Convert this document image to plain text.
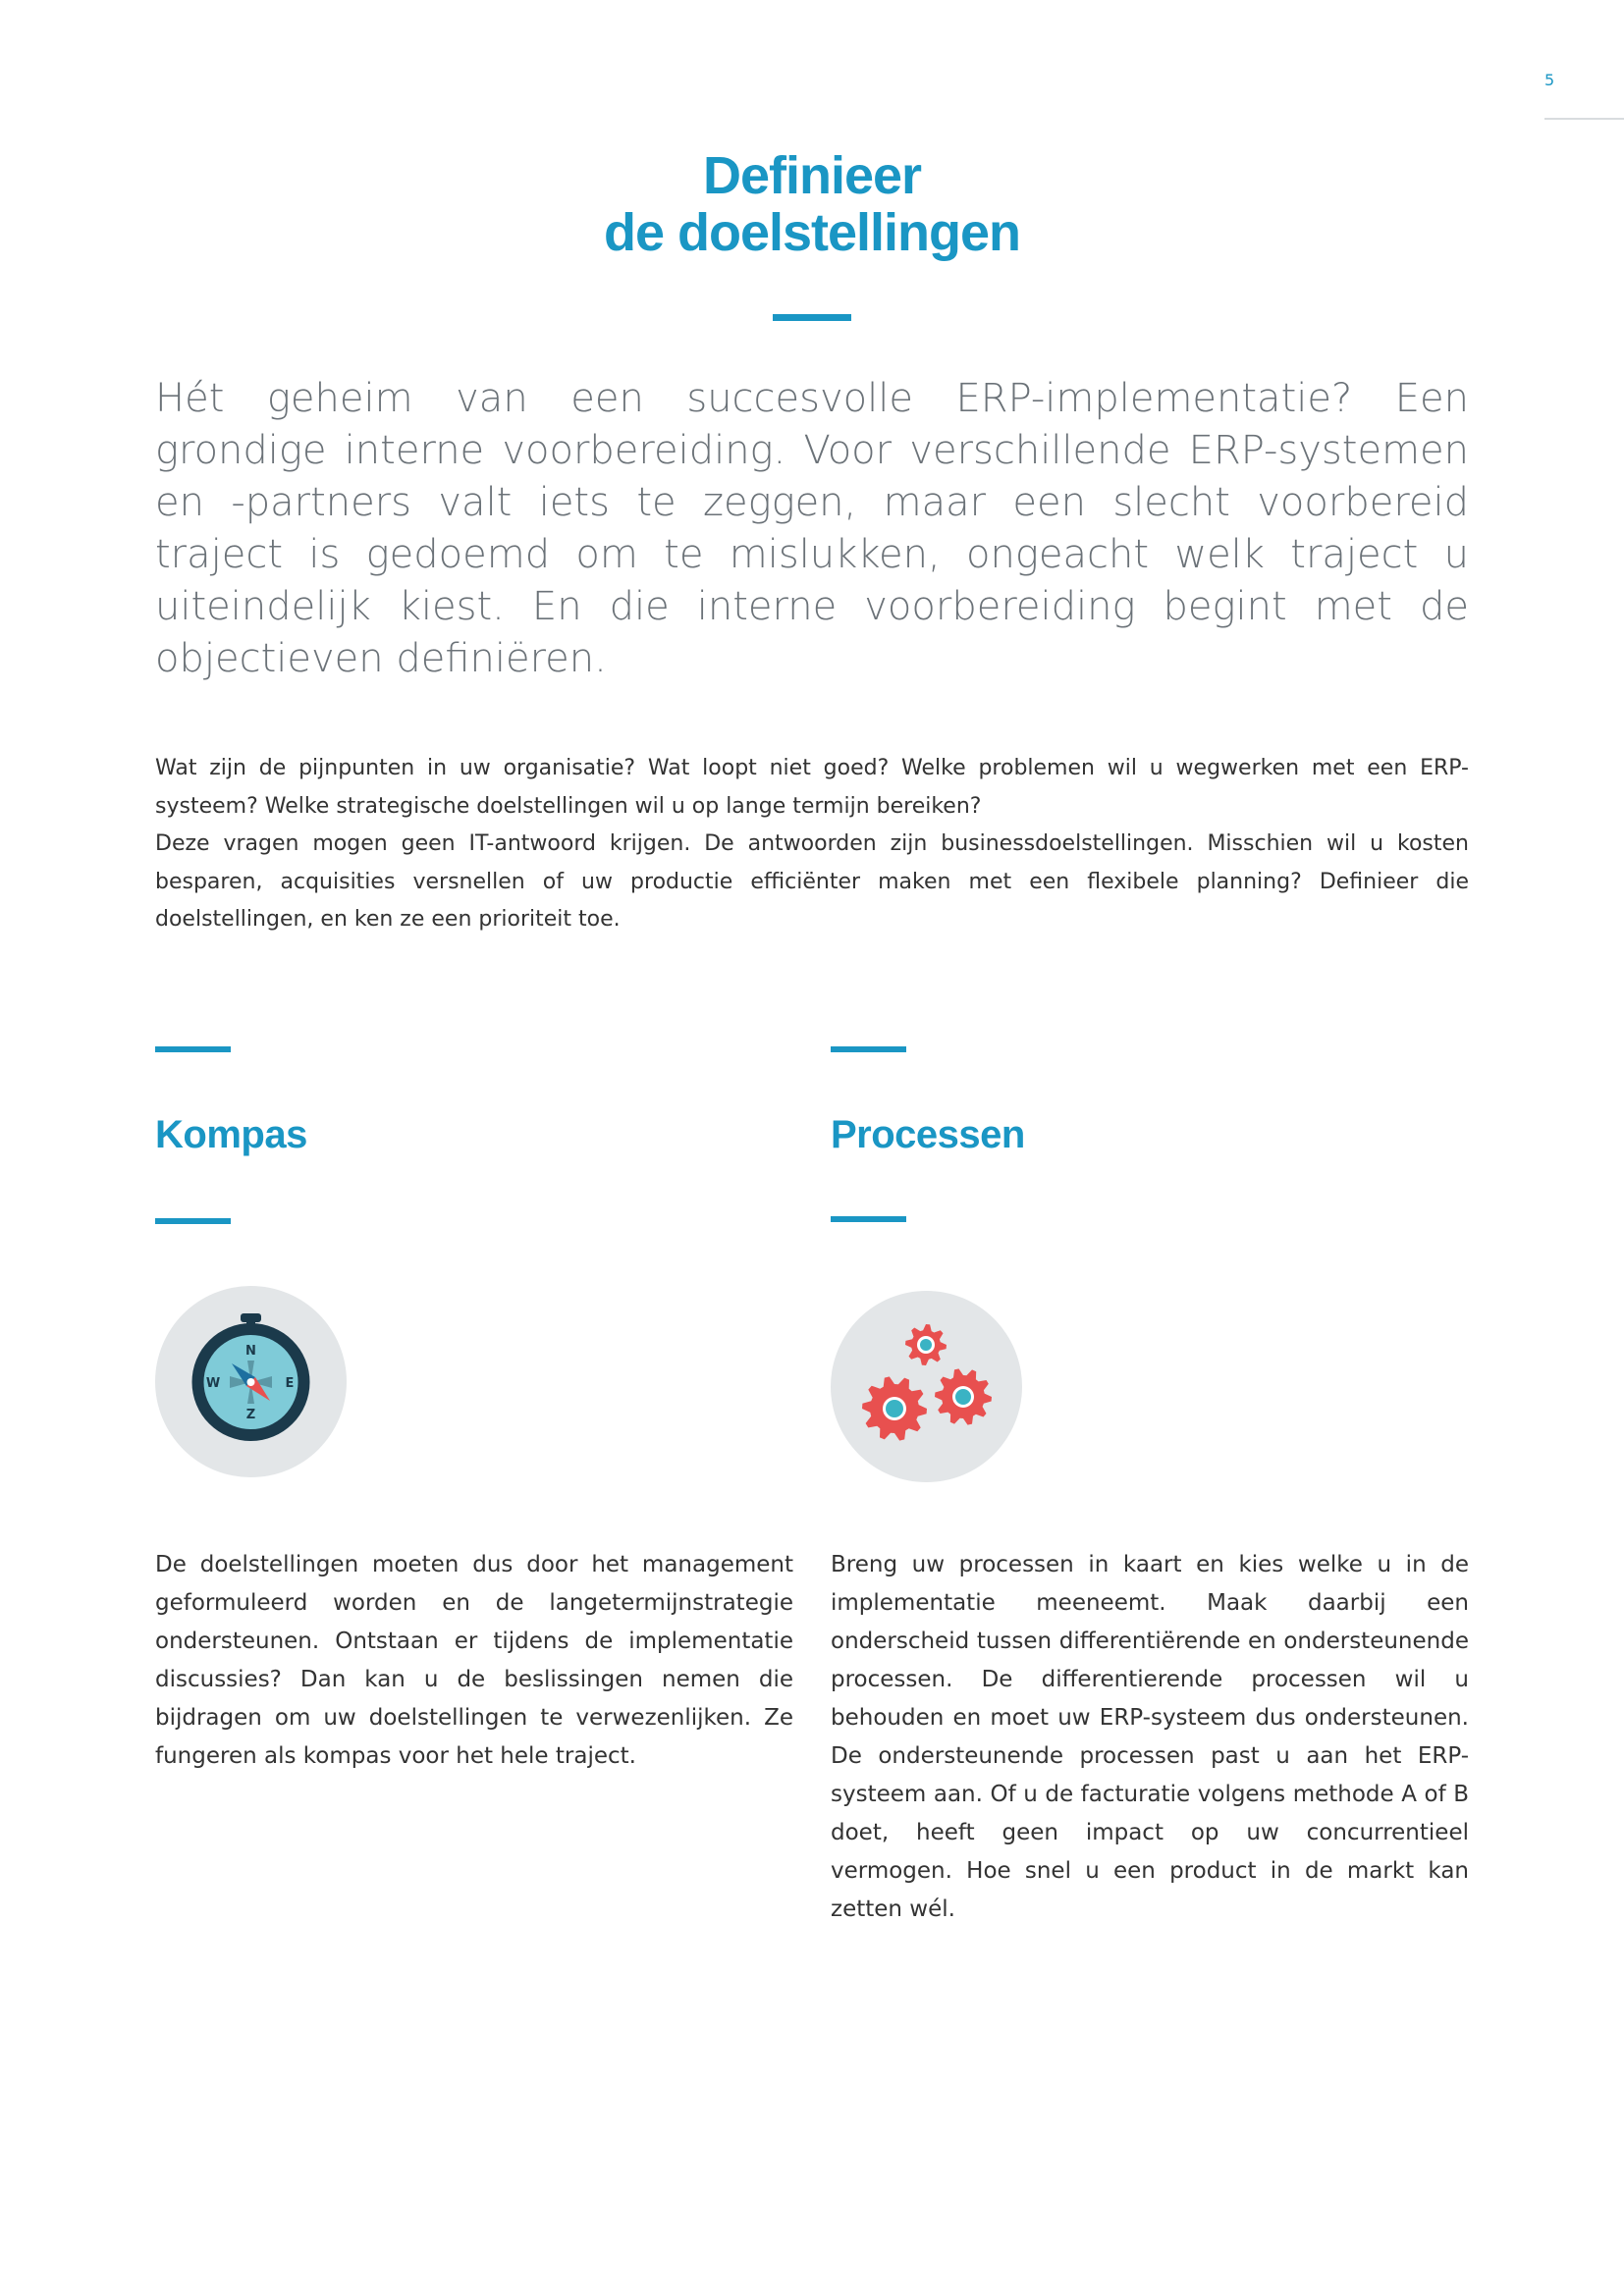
5
Definieer
de doelstellingen

Hét geheim van een succesvolle ERP-implementatie? Een grondige interne voorbereiding. Voor verschillende ERP-systemen en -partners valt iets te zeggen, maar een slecht voorbereid traject is gedoemd om te mislukken, ongeacht welk traject u uiteindelijk kiest. En die interne voorbereiding begint met de objectieven definiëren.

Wat zijn de pijnpunten in uw organisatie? Wat loopt niet goed? Welke problemen wil u wegwerken met een ERP-systeem? Welke strategische doelstellingen wil u op lange termijn bereiken?

Deze vragen mogen geen IT-antwoord krijgen. De antwoorden zijn businessdoelstellingen. Misschien wil u kosten besparen, acquisities versnellen of uw productie efficiënter maken met een flexibele planning? Definieer die doelstellingen, en ken ze een prioriteit toe.

Kompas
N
E
W
Z

De doelstellingen moeten dus door het management geformuleerd worden en de langetermijnstrategie ondersteunen. Ontstaan er tijdens de implementatie discussies? Dan kan u de beslissingen nemen die bijdragen om uw doelstellingen te verwezenlijken. Ze fungeren als kompas voor het hele traject.

Processen

Breng uw processen in kaart en kies welke u in de implementatie meeneemt. Maak daarbij een onderscheid tussen differentiërende en ondersteunende processen. De differentierende processen wil u behouden en moet uw ERP-systeem dus ondersteunen. De ondersteunende processen past u aan het ERP-systeem aan. Of u de facturatie volgens methode A of B doet, heeft geen impact op uw concurrentieel vermogen. Hoe snel u een product in de markt kan zetten wél.
